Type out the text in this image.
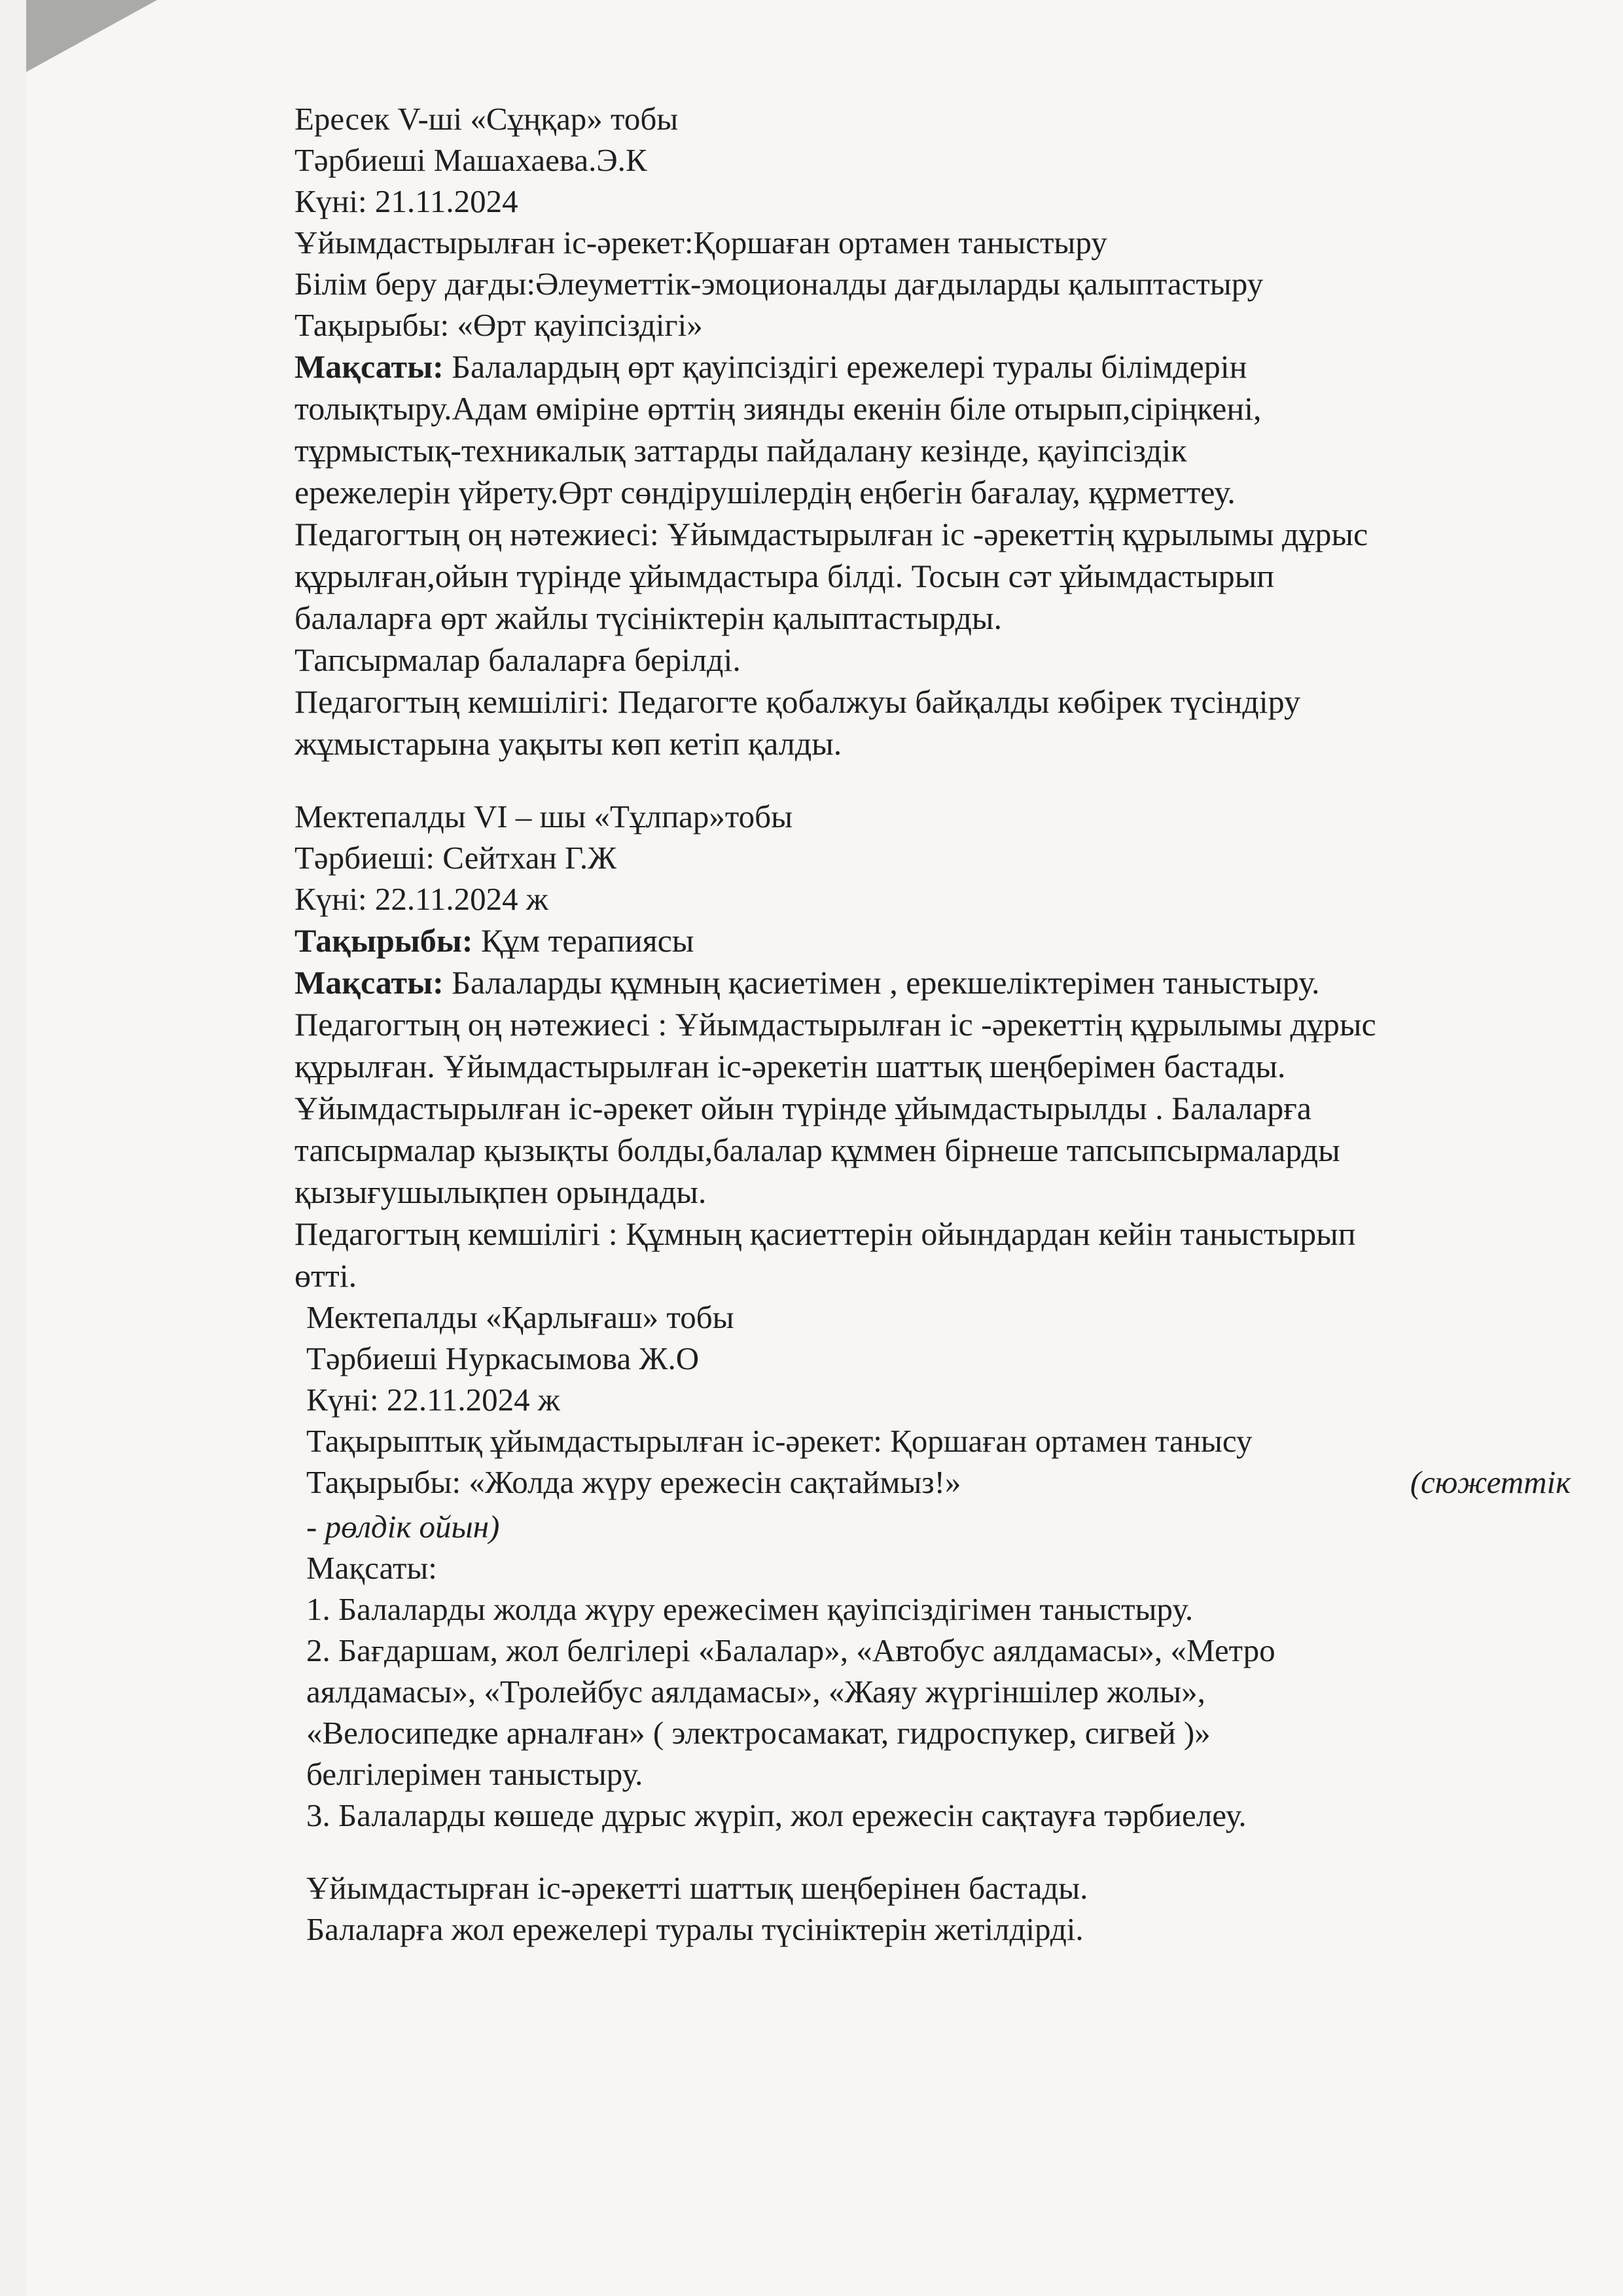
Ересек V-ші «Сұңқар» тобы

Тәрбиеші Машахаева.Э.К

Күні: 21.11.2024

Ұйымдастырылған іс-әрекет:Қоршаған ортамен таныстыру

Білім беру дағды:Әлеуметтік-эмоционалды дағдыларды қалыптастыру

Тақырыбы: «Өрт қауіпсіздігі»

Мақсаты: Балалардың өрт қауіпсіздігі ережелері туралы білімдерін

толықтыру.Адам өміріне өрттің зиянды екенін біле отырып,сіріңкені,

тұрмыстық-техникалық заттарды пайдалану кезінде, қауіпсіздік

ережелерін үйрету.Өрт сөндірушілердің еңбегін бағалау, құрметтеу.

Педагогтың оң нәтежиесі: Ұйымдастырылған іс -әрекеттің құрылымы дұрыс

құрылған,ойын түрінде ұйымдастыра білді. Тосын сәт ұйымдастырып

балаларға өрт жайлы түсініктерін қалыптастырды.

Тапсырмалар балаларға берілді.

Педагогтың кемшілігі: Педагогте қобалжуы байқалды көбірек түсіндіру

жұмыстарына уақыты көп кетіп қалды.

Мектепалды VI – шы «Тұлпар»тобы

Тәрбиеші: Сейтхан Г.Ж

Күні: 22.11.2024 ж

Тақырыбы: Құм терапиясы

Мақсаты: Балаларды құмның қасиетімен , ерекшеліктерімен таныстыру.

Педагогтың оң нәтежиесі : Ұйымдастырылған іс -әрекеттің құрылымы дұрыс

құрылған. Ұйымдастырылған іс-әрекетін шаттық шеңберімен бастады.

Ұйымдастырылған іс-әрекет ойын түрінде ұйымдастырылды . Балаларға

тапсырмалар қызықты болды,балалар құммен бірнеше тапсыпсырмаларды

қызығушылықпен орындады.

Педагогтың кемшілігі : Құмның қасиеттерін ойындардан кейін таныстырып

өтті.

Мектепалды «Қарлығаш» тобы

Тәрбиеші Нуркасымова Ж.О

Күні: 22.11.2024 ж

Тақырыптық ұйымдастырылған іс-әрекет: Қоршаған ортамен танысу

Тақырыбы: «Жолда жүру ережесін сақтаймыз!»	(сюжеттік

- рөлдік ойын)

Мақсаты:

1. Балаларды жолда жүру ережесімен қауіпсіздігімен таныстыру.

2. Бағдаршам, жол белгілері «Балалар», «Автобус аялдамасы», «Метро

аялдамасы», «Тролейбус аялдамасы», «Жаяу жүргіншілер жолы»,

«Велосипедке арналған» ( электросамакат, гидроспукер, сигвей )»

белгілерімен таныстыру.

3. Балаларды көшеде дұрыс жүріп, жол ережесін сақтауға тәрбиелеу.

Ұйымдастырған іс-әрекетті шаттық шеңберінен бастады.

Балаларға жол ережелері туралы түсініктерін жетілдірді.
